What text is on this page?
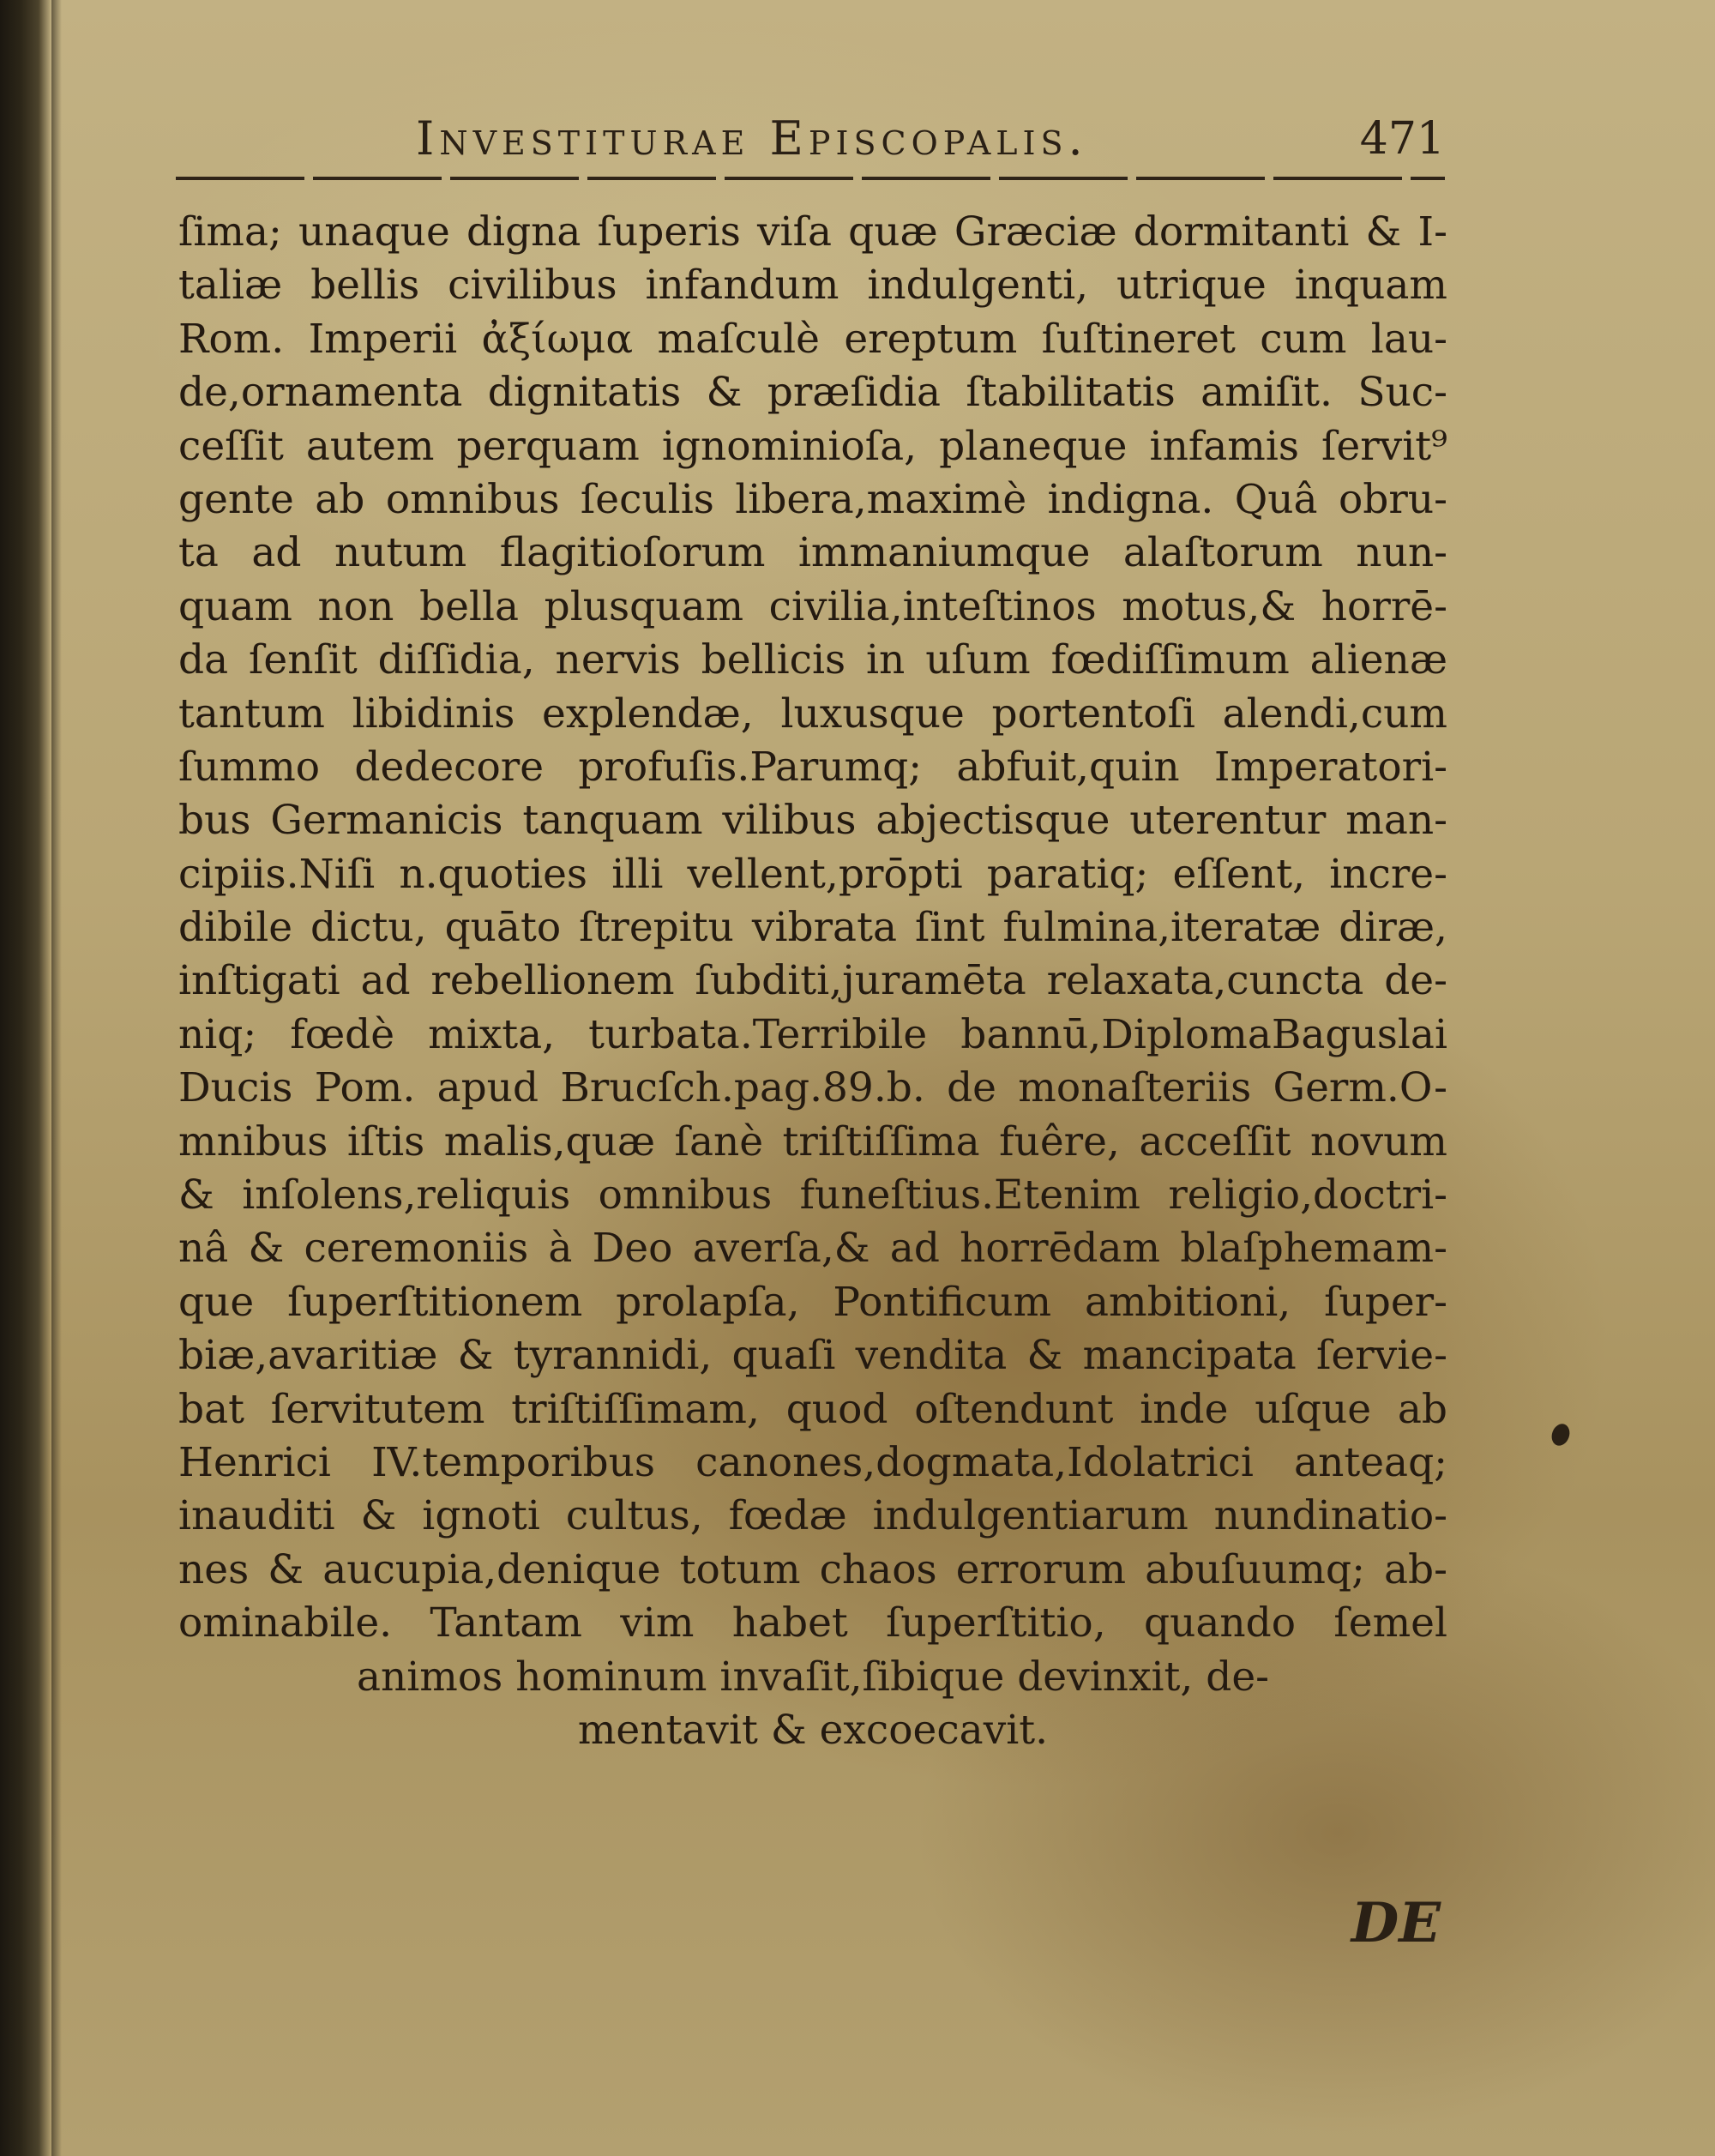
Investiturae Episcopalis.	471
ſima; unaque digna ſuperis viſa quæ Græciæ dormitanti & I-
taliæ bellis civilibus infandum indulgenti, utrique inquam
Rom. Imperii ἀξίωμα maſculè ereptum ſuſtineret cum lau-
de,ornamenta dignitatis & præſidia ſtabilitatis amiſit. Suc-
ceſſit autem perquam ignominioſa, planeque infamis ſervit⁹
gente ab omnibus ſeculis libera,maximè indigna. Quâ obru-
ta ad nutum flagitioſorum immaniumque alaſtorum nun-
quam non bella plusquam civilia,inteſtinos motus,& horrē-
da ſenſit diſſidia, nervis bellicis in uſum fœdiſſimum alienæ
tantum libidinis explendæ, luxusque portentoſi alendi,cum
ſummo dedecore profuſis.Parumq; abfuit,quin Imperatori-
bus Germanicis tanquam vilibus abjectisque uterentur man-
cipiis.Niſi n.quoties illi vellent,prōpti paratiq; eſſent, incre-
dibile dictu, quāto ſtrepitu vibrata ſint fulmina,iteratæ diræ,
inſtigati ad rebellionem ſubditi,juramēta relaxata,cuncta de-
niq; fœdè mixta, turbata.Terribile bannū,DiplomaBaguslai
Ducis Pom. apud Brucſch.pag.89.b. de monaſteriis Germ.O-
mnibus iſtis malis,quæ ſanè triſtiſſima fuêre, acceſſit novum
& inſolens,reliquis omnibus funeſtius.Etenim religio,doctri-
nâ & ceremoniis à Deo averſa,& ad horrēdam blaſphemam-
que ſuperſtitionem prolapſa, Pontificum ambitioni, ſuper-
biæ,avaritiæ & tyrannidi, quaſi vendita & mancipata ſervie-
bat ſervitutem triſtiſſimam, quod oſtendunt inde uſque ab
Henrici IV.temporibus canones,dogmata,Idolatrici anteaq;
inauditi & ignoti cultus, fœdæ indulgentiarum nundinatio-
nes & aucupia,denique totum chaos errorum abuſuumq; ab-
ominabile. Tantam vim habet ſuperſtitio, quando ſemel
animos hominum invaſit,ſibique devinxit, de-
mentavit & excoecavit.
DE
